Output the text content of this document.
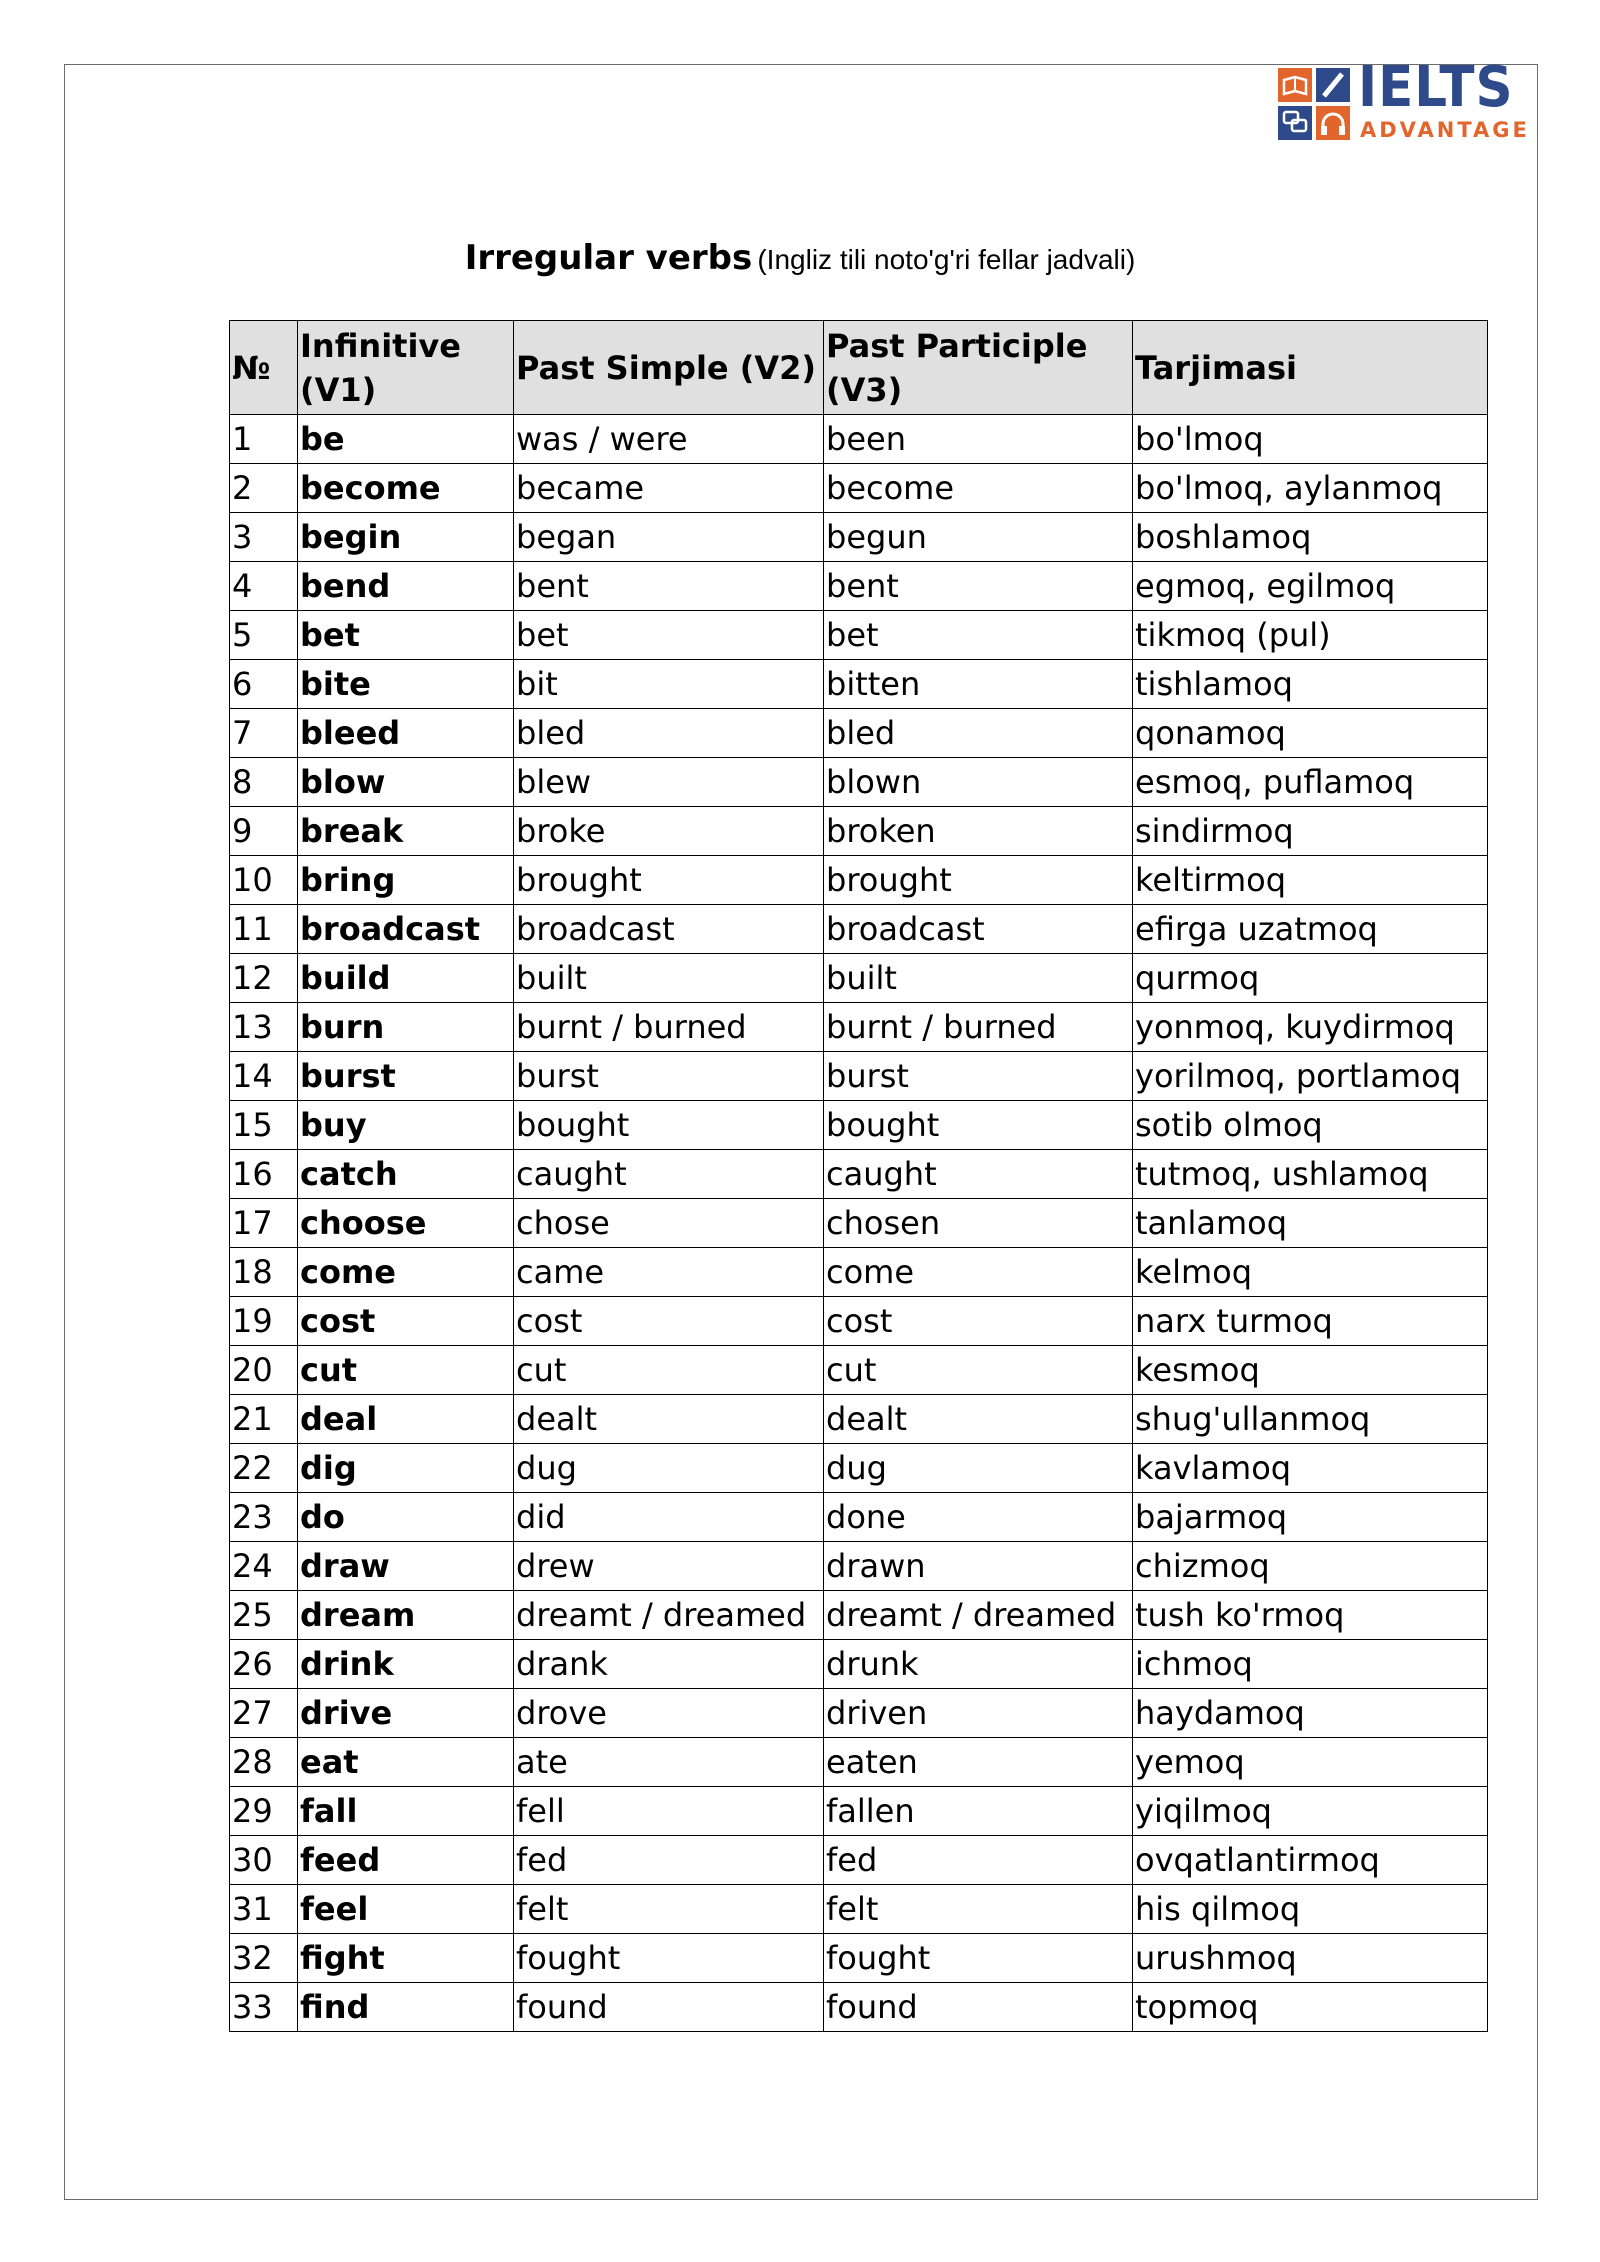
IELTS
ADVANTAGE
Irregular verbs (Ingliz tili noto'g'ri fellar jadvali)
№	Infinitive (V1)	Past Simple (V2)	Past Participle (V3)	Tarjimasi
1	be	was / were	been	bo'lmoq
2	become	became	become	bo'lmoq, aylanmoq
3	begin	began	begun	boshlamoq
4	bend	bent	bent	egmoq, egilmoq
5	bet	bet	bet	tikmoq (pul)
6	bite	bit	bitten	tishlamoq
7	bleed	bled	bled	qonamoq
8	blow	blew	blown	esmoq, puflamoq
9	break	broke	broken	sindirmoq
10	bring	brought	brought	keltirmoq
11	broadcast	broadcast	broadcast	efirga uzatmoq
12	build	built	built	qurmoq
13	burn	burnt / burned	burnt / burned	yonmoq, kuydirmoq
14	burst	burst	burst	yorilmoq, portlamoq
15	buy	bought	bought	sotib olmoq
16	catch	caught	caught	tutmoq, ushlamoq
17	choose	chose	chosen	tanlamoq
18	come	came	come	kelmoq
19	cost	cost	cost	narx turmoq
20	cut	cut	cut	kesmoq
21	deal	dealt	dealt	shug'ullanmoq
22	dig	dug	dug	kavlamoq
23	do	did	done	bajarmoq
24	draw	drew	drawn	chizmoq
25	dream	dreamt / dreamed	dreamt / dreamed	tush ko'rmoq
26	drink	drank	drunk	ichmoq
27	drive	drove	driven	haydamoq
28	eat	ate	eaten	yemoq
29	fall	fell	fallen	yiqilmoq
30	feed	fed	fed	ovqatlantirmoq
31	feel	felt	felt	his qilmoq
32	fight	fought	fought	urushmoq
33	find	found	found	topmoq
